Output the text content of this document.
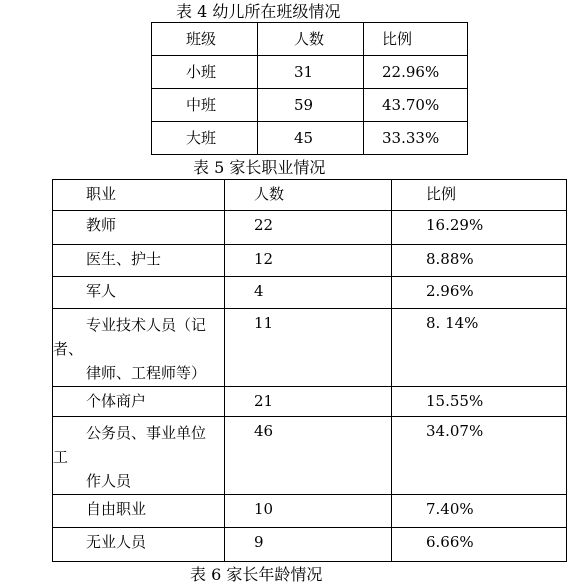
表 4 幼儿所在班级情况
班级	人数	比例

小班	31	22.96%

中班	59	43.70%

大班	45	33.33%
表 5 家长职业情况
职业	人数	比例

教师	22	16.29%

医生、护士	12	8.88%

军人	4	2.96%

专业技术人员（记
者、
律师、工程师等）	11	8. 14%

个体商户	21	15.55%

公务员、事业单位
工
作人员	46	34.07%

自由职业	10	7.40%

无业人员	9	6.66%
表 6 家长年龄情况
